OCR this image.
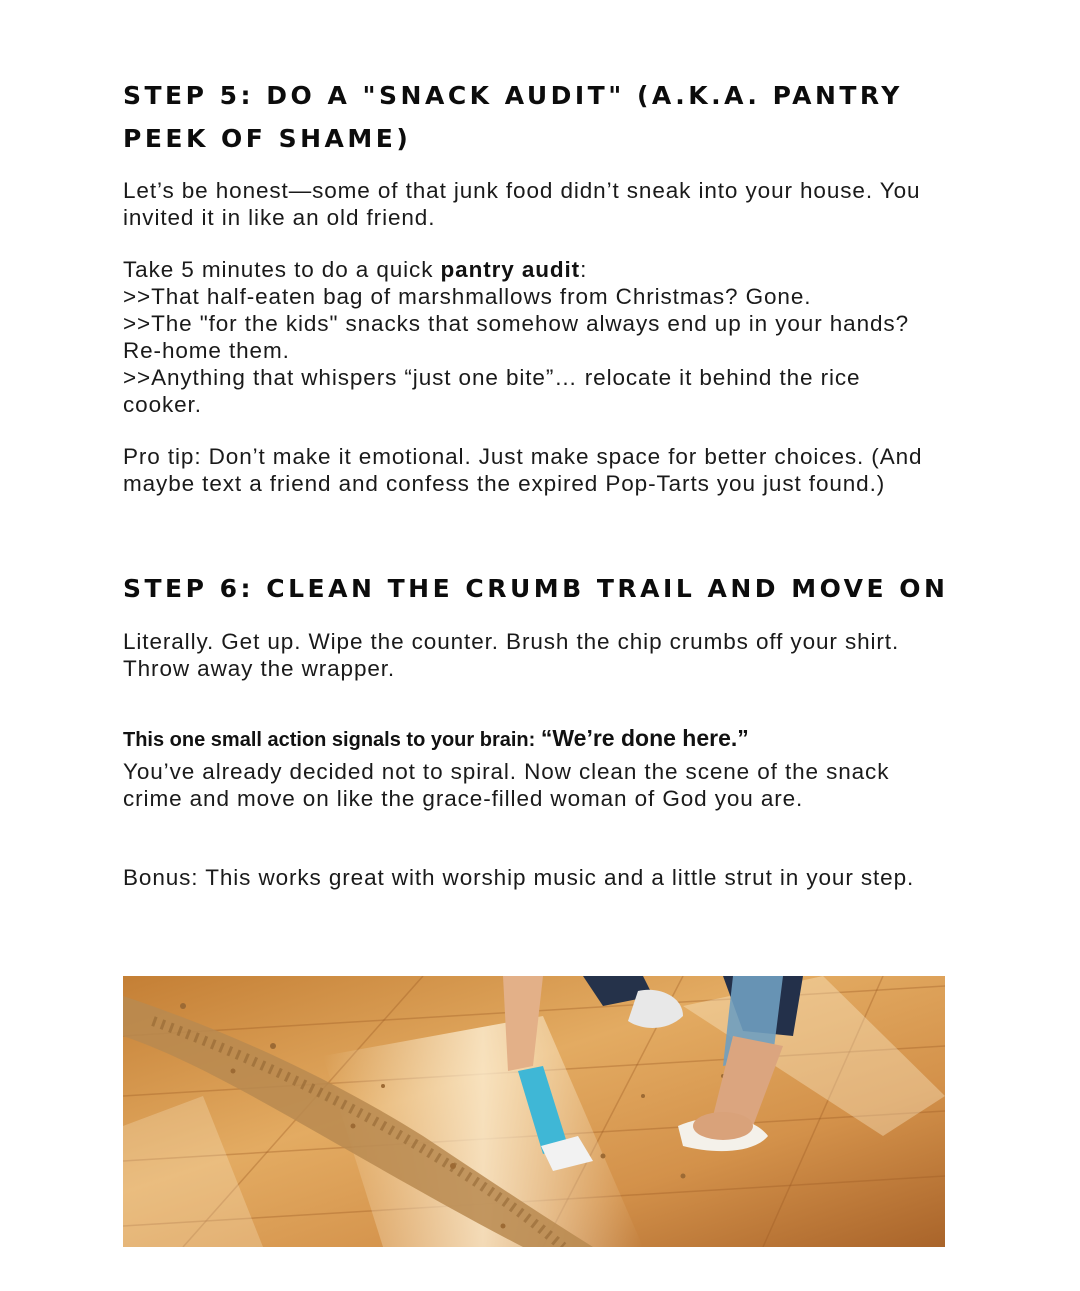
STEP 5: DO A "SNACK AUDIT" (A.K.A. PANTRY PEEK OF SHAME)

Let’s be honest—some of that junk food didn’t sneak into your house. You invited it in like an old friend.

Take 5 minutes to do a quick pantry audit:
>>That half-eaten bag of marshmallows from Christmas? Gone.
>>The "for the kids" snacks that somehow always end up in your hands? Re-home them.
>>Anything that whispers “just one bite”… relocate it behind the rice cooker.

Pro tip: Don’t make it emotional. Just make space for better choices. (And maybe text a friend and confess the expired Pop-Tarts you just found.)

STEP 6: CLEAN THE CRUMB TRAIL AND MOVE ON

Literally. Get up. Wipe the counter. Brush the chip crumbs off your shirt. Throw away the wrapper.

This one small action signals to your brain: “We’re done here.”

You’ve already decided not to spiral. Now clean the scene of the snack crime and move on like the grace-filled woman of God you are.

Bonus: This works great with worship music and a little strut in your step.
